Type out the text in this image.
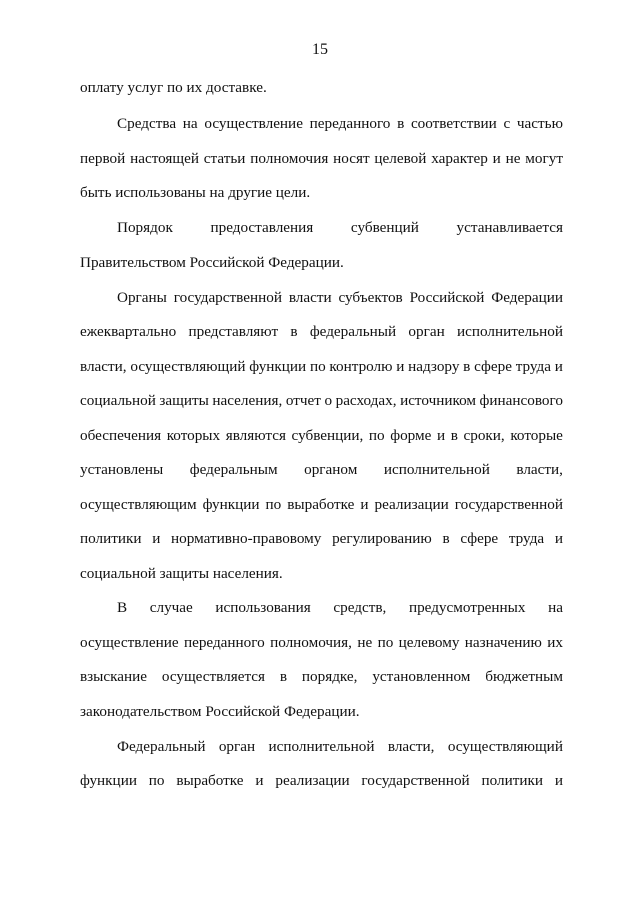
15
оплату услуг по их доставке.
Средства на осуществление переданного в соответствии с частью
первой настоящей статьи полномочия носят целевой характер и не могут
быть использованы на другие цели.
Порядок предоставления субвенций устанавливается
Правительством Российской Федерации.
Органы государственной власти субъектов Российской Федерации
ежеквартально представляют в федеральный орган исполнительной
власти, осуществляющий функции по контролю и надзору в сфере труда и
социальной защиты населения, отчет о расходах, источником финансового
обеспечения которых являются субвенции, по форме и в сроки, которые
установлены федеральным органом исполнительной власти,
осуществляющим функции по выработке и реализации государственной
политики и нормативно-правовому регулированию в сфере труда и
социальной защиты населения.
В случае использования средств, предусмотренных на
осуществление переданного полномочия, не по целевому назначению их
взыскание осуществляется в порядке, установленном бюджетным
законодательством Российской Федерации.
Федеральный орган исполнительной власти, осуществляющий
функции по выработке и реализации государственной политики и
